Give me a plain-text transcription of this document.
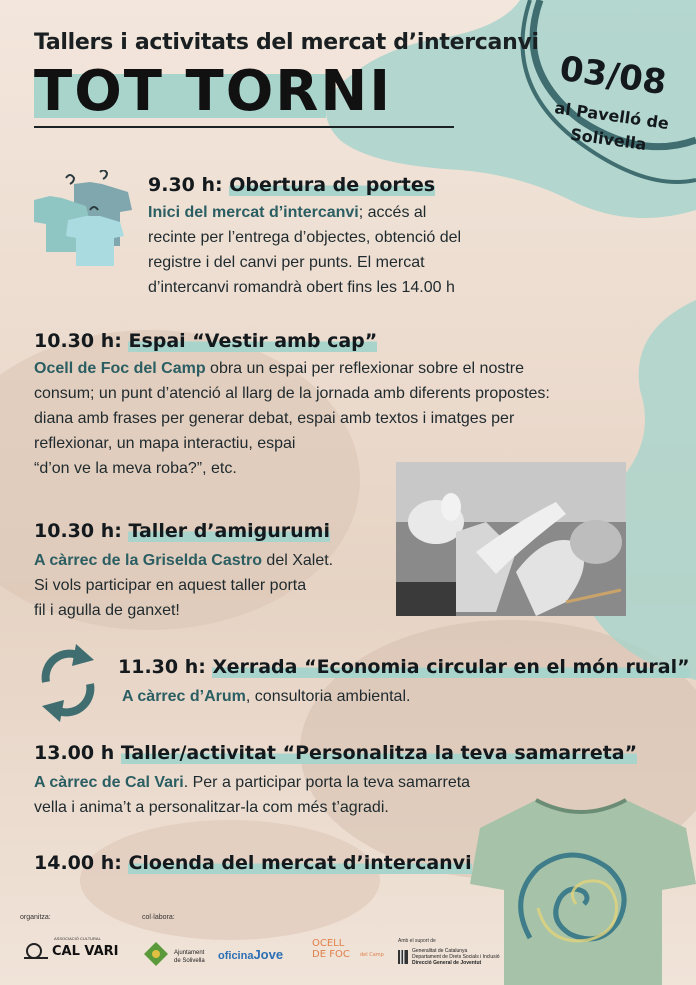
Tallers i activitats del mercat d’intercanvi
TOT TORNI	03/08
al Pavelló de
Solivella
9.30 h: Obertura de portes
Inici del mercat d’intercanvi; accés al
recinte per l’entrega d’objectes, obtenció del
registre i del canvi per punts. El mercat
d’intercanvi romandrà obert fins les 14.00 h
10.30 h: Espai “Vestir amb cap”
Ocell de Foc del Camp obra un espai per reflexionar sobre el nostre
consum; un punt d’atenció al llarg de la jornada amb diferents propostes:
diana amb frases per generar debat, espai amb textos i imatges per
reflexionar, un mapa interactiu, espai
“d’on ve la meva roba?”, etc.
10.30 h: Taller d’amigurumi
A càrrec de la Griselda Castro del Xalet.
Si vols participar en aquest taller porta
fil i agulla de ganxet!
11.30 h: Xerrada “Economia circular en el món rural”
A càrrec d’Arum, consultoria ambiental.
13.00 h Taller/activitat “Personalitza la teva samarreta”
A càrrec de Cal Vari. Per a participar porta la teva samarreta
vella i anima’t a personalitzar-la com més t’agradi.
14.00 h: Cloenda del mercat d’intercanvi
organitza:	col·labora:
Amb el suport de
ASSOCIACIÓ CULTURAL
CAL VARI	Ajuntament
de Solivella oficinaJove
OCELL
DE FOC	del Camp
Generalitat de Catalunya
Departament de Drets Socials i Inclusió
Direcció General de Joventut
